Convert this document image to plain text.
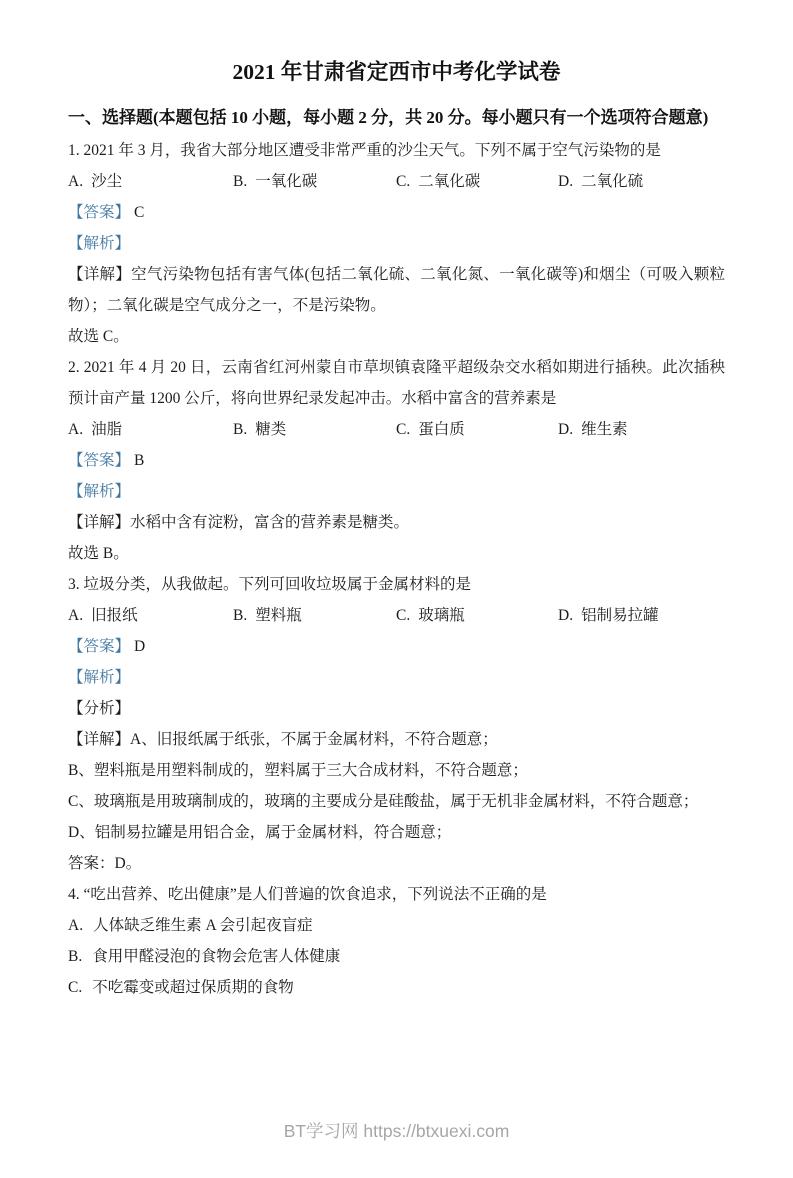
2021 年甘肃省定西市中考化学试卷
一、选择题(本题包括 10 小题，每小题 2 分，共 20 分。每小题只有一个选项符合题意)

1. 2021 年 3 月，我省大部分地区遭受非常严重的沙尘天气。下列不属于空气污染物的是

A. 沙尘	B. 一氧化碳	C. 二氧化碳	D. 二氧化硫

【答案】 C

【解析】

【详解】空气污染物包括有害气体(包括二氧化硫、二氧化氮、一氧化碳等)和烟尘（可吸入颗粒物）；二氧化碳是空气成分之一，不是污染物。

故选 C。

2. 2021 年 4 月 20 日，云南省红河州蒙自市草坝镇袁隆平超级杂交水稻如期进行插秧。此次插秧预计亩产量 1200 公斤，将向世界纪录发起冲击。水稻中富含的营养素是

A. 油脂	B. 糖类	C. 蛋白质	D. 维生素

【答案】 B

【解析】

【详解】水稻中含有淀粉，富含的营养素是糖类。

故选 B。

3. 垃圾分类，从我做起。下列可回收垃圾属于金属材料的是

A. 旧报纸	B. 塑料瓶	C. 玻璃瓶	D. 铝制易拉罐

【答案】 D

【解析】

【分析】

【详解】A、旧报纸属于纸张，不属于金属材料，不符合题意；

B、塑料瓶是用塑料制成的，塑料属于三大合成材料，不符合题意；

C、玻璃瓶是用玻璃制成的，玻璃的主要成分是硅酸盐，属于无机非金属材料，不符合题意；

D、铝制易拉罐是用铝合金，属于金属材料，符合题意；

答案：D。

4. “吃出营养、吃出健康”是人们普遍的饮食追求，下列说法不正确的是

A. 人体缺乏维生素 A 会引起夜盲症

B. 食用甲醛浸泡的食物会危害人体健康

C. 不吃霉变或超过保质期的食物

BT学习网 https://btxuexi.com
